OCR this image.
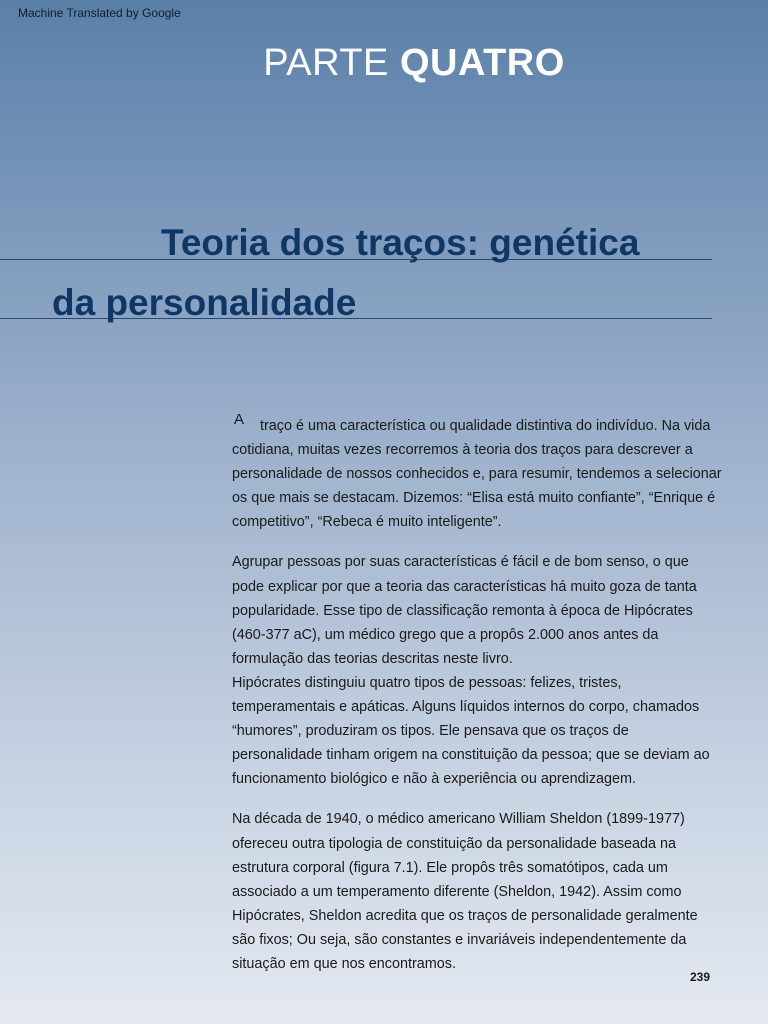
Machine Translated by Google
PARTE QUATRO
Teoria dos traços: genética
da personalidade

A traço é uma característica ou qualidade distintiva do indivíduo. Na vida cotidiana, muitas vezes recorremos à teoria dos traços para descrever a personalidade de nossos conhecidos e, para resumir, tendemos a selecionar os que mais se destacam. Dizemos: “Elisa está muito confiante”, “Enrique é competitivo”, “Rebeca é muito inteligente”.

Agrupar pessoas por suas características é fácil e de bom senso, o que pode explicar por que a teoria das características há muito goza de tanta popularidade. Esse tipo de classificação remonta à época de Hipócrates (460-377 aC), um médico grego que a propôs 2.000 anos antes da formulação das teorias descritas neste livro.

Hipócrates distinguiu quatro tipos de pessoas: felizes, tristes, temperamentais e apáticas. Alguns líquidos internos do corpo, chamados “humores”, produziram os tipos. Ele pensava que os traços de personalidade tinham origem na constituição da pessoa; que se deviam ao funcionamento biológico e não à experiência ou aprendizagem.

Na década de 1940, o médico americano William Sheldon (1899-1977) ofereceu outra tipologia de constituição da personalidade baseada na estrutura corporal (figura 7.1). Ele propôs três somatótipos, cada um associado a um temperamento diferente (Sheldon, 1942). Assim como Hipócrates, Sheldon acredita que os traços de personalidade geralmente são fixos; Ou seja, são constantes e invariáveis independentemente da situação em que nos encontramos.

239
